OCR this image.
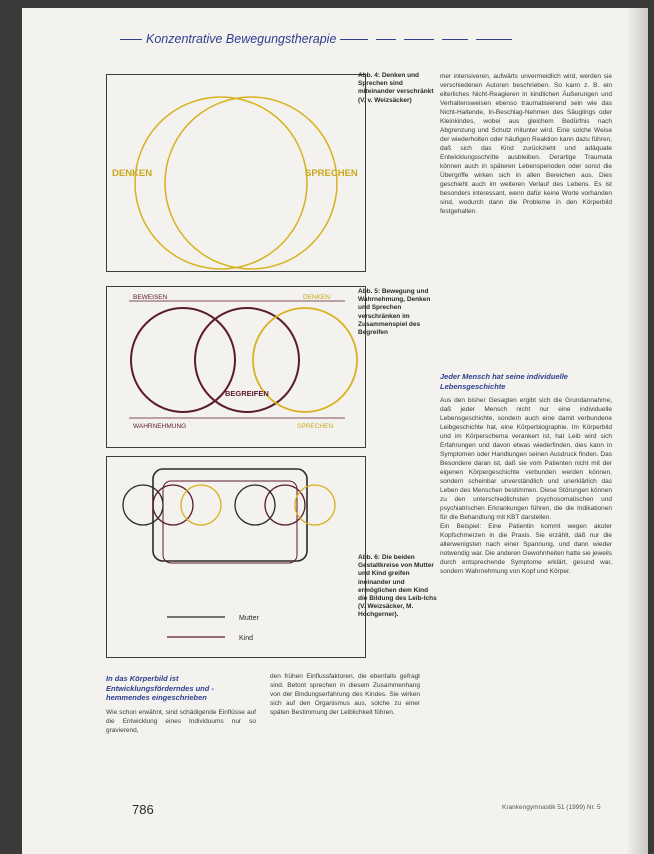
Konzentrative Bewegungstherapie
DENKEN	SPRECHEN
Abb. 4: Denken und Sprechen sind miteinander verschränkt (V. v. Weizsäcker)
BEWEISEN	DENKEN
BEGREIFEN
WAHRNEHMUNG	SPRECHEN
Abb. 5: Bewegung und Wahrnehmung, Denken und Sprechen verschränken im Zusammenspiel des Begreifen
Mutter
Kind
Abb. 6: Die beiden Gestaltkreise von Mutter und Kind greifen ineinander und ermöglichen dem Kind die Bildung des Leib-Ichs (V. Weizsäcker, M. Hochgerner).

mer intensiveren, aufwärts unvermeidlich wird, werden sie verschiedenen Autoren beschrieben. So kann z. B. ein elterliches Nicht-Reagieren in kindlichen Äußerungen und Verhaltensweisen ebenso traumatisierend sein wie das Nicht-Haltende, In-Beschlag-Nehmen des Säuglings oder Kleinkindes, wobei aus gleichem Bedürfnis nach Abgrenzung und Schutz mitunter wird. Eine solche Weise der wiederholten oder häufigen Reaktion kann dazu führen, daß sich das Kind zurückzieht und adäquate Entwicklungsschritte ausbleiben. Derartige Traumata können auch in späteren Lebensperioden oder sonst die Übergriffe wirken sich in allen Bereichen aus. Dies geschieht auch im weiteren Verlauf des Lebens. Es ist besonders interessant, wenn dafür keine Worte vorhanden sind, wodurch dann die Probleme in den Körperbild festgehalten.

Jeder Mensch hat seine individuelle Lebensgeschichte

Aus den bisher Gesagten ergibt sich die Grundannahme, daß jeder Mensch nicht nur eine individuelle Lebensgeschichte, sondern auch eine damit verbundene Leibgeschichte hat, eine Körperbiographie. Im Körperbild und im Körperschema verankert ist, hat Leib wird sich Erfahrungen und davon etwas wiederfinden, dies kann in Symptomen oder Handlungen seinen Ausdruck finden. Das Besondere daran ist, daß sie vom Patienten nicht mit der eigenen Körpergeschichte verbunden werden können, sondern scheinbar unverständlich und unerklärlich das Leben des Menschen bestimmen. Diese Störungen können zu den unterschiedlichsten psychosomatischen und psychiatrischen Erkrankungen führen, die die Indikationen für die Behandlung mit KBT darstellen.

Ein Beispiel: Eine Patientin kommt wegen akuter Kopfschmerzen in die Praxis. Sie erzählt, daß nur die allerwenigsten nach einer Spannung, und dann wieder notwendig war. Die anderen Gewohnheiten hatte sie jeweils durch entsprechende Symptome erklärt, gesund war, sondern Wahrnehmung von Kopf und Körper.

In das Körperbild ist Entwicklungsförderndes und -hemmendes eingeschrieben
Wie schon erwähnt, sind schädigende Einflüsse auf die Entwicklung eines Individuums nur so gravierend,
den frühen Einflussfaktoren, die ebenfalls gefragt sind. Betont sprechen in diesem Zusammenhang von der Bindungserfahrung des Kindes. Sie wirken sich auf den Organismus aus, solche zu einer späten Bestimmung der Leiblichkeit führen.
786	Krankengymnastik 51 (1999) Nr. 5
